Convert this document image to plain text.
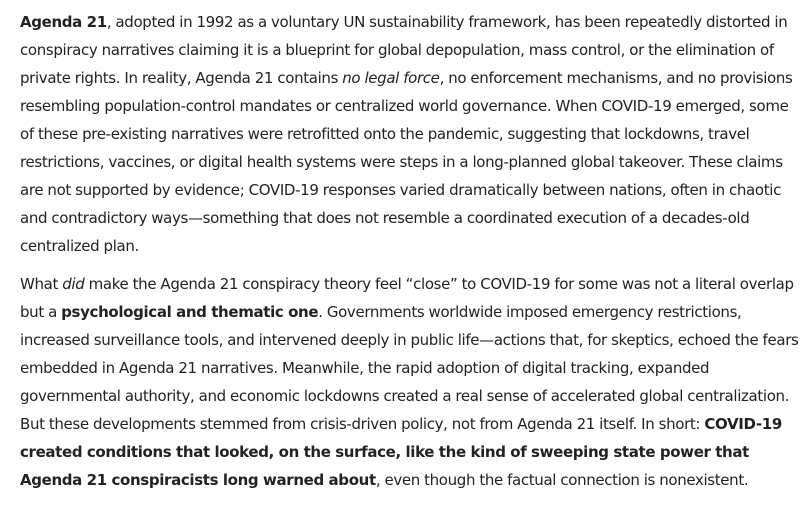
Agenda 21, adopted in 1992 as a voluntary UN sustainability framework, has been repeatedly distorted in conspiracy narratives claiming it is a blueprint for global depopulation, mass control, or the elimination of private rights. In reality, Agenda 21 contains no legal force, no enforcement mechanisms, and no provisions resembling population-control mandates or centralized world governance. When COVID-19 emerged, some of these pre-existing narratives were retrofitted onto the pandemic, suggesting that lockdowns, travel restrictions, vaccines, or digital health systems were steps in a long-planned global takeover. These claims are not supported by evidence; COVID-19 responses varied dramatically between nations, often in chaotic and contradictory ways—something that does not resemble a coordinated execution of a decades-old centralized plan.

What did make the Agenda 21 conspiracy theory feel “close” to COVID-19 for some was not a literal overlap but a psychological and thematic one. Governments worldwide imposed emergency restrictions, increased surveillance tools, and intervened deeply in public life—actions that, for skeptics, echoed the fears embedded in Agenda 21 narratives. Meanwhile, the rapid adoption of digital tracking, expanded governmental authority, and economic lockdowns created a real sense of accelerated global centralization. But these developments stemmed from crisis-driven policy, not from Agenda 21 itself. In short: COVID-19 created conditions that looked, on the surface, like the kind of sweeping state power that Agenda 21 conspiracists long warned about, even though the factual connection is nonexistent.
